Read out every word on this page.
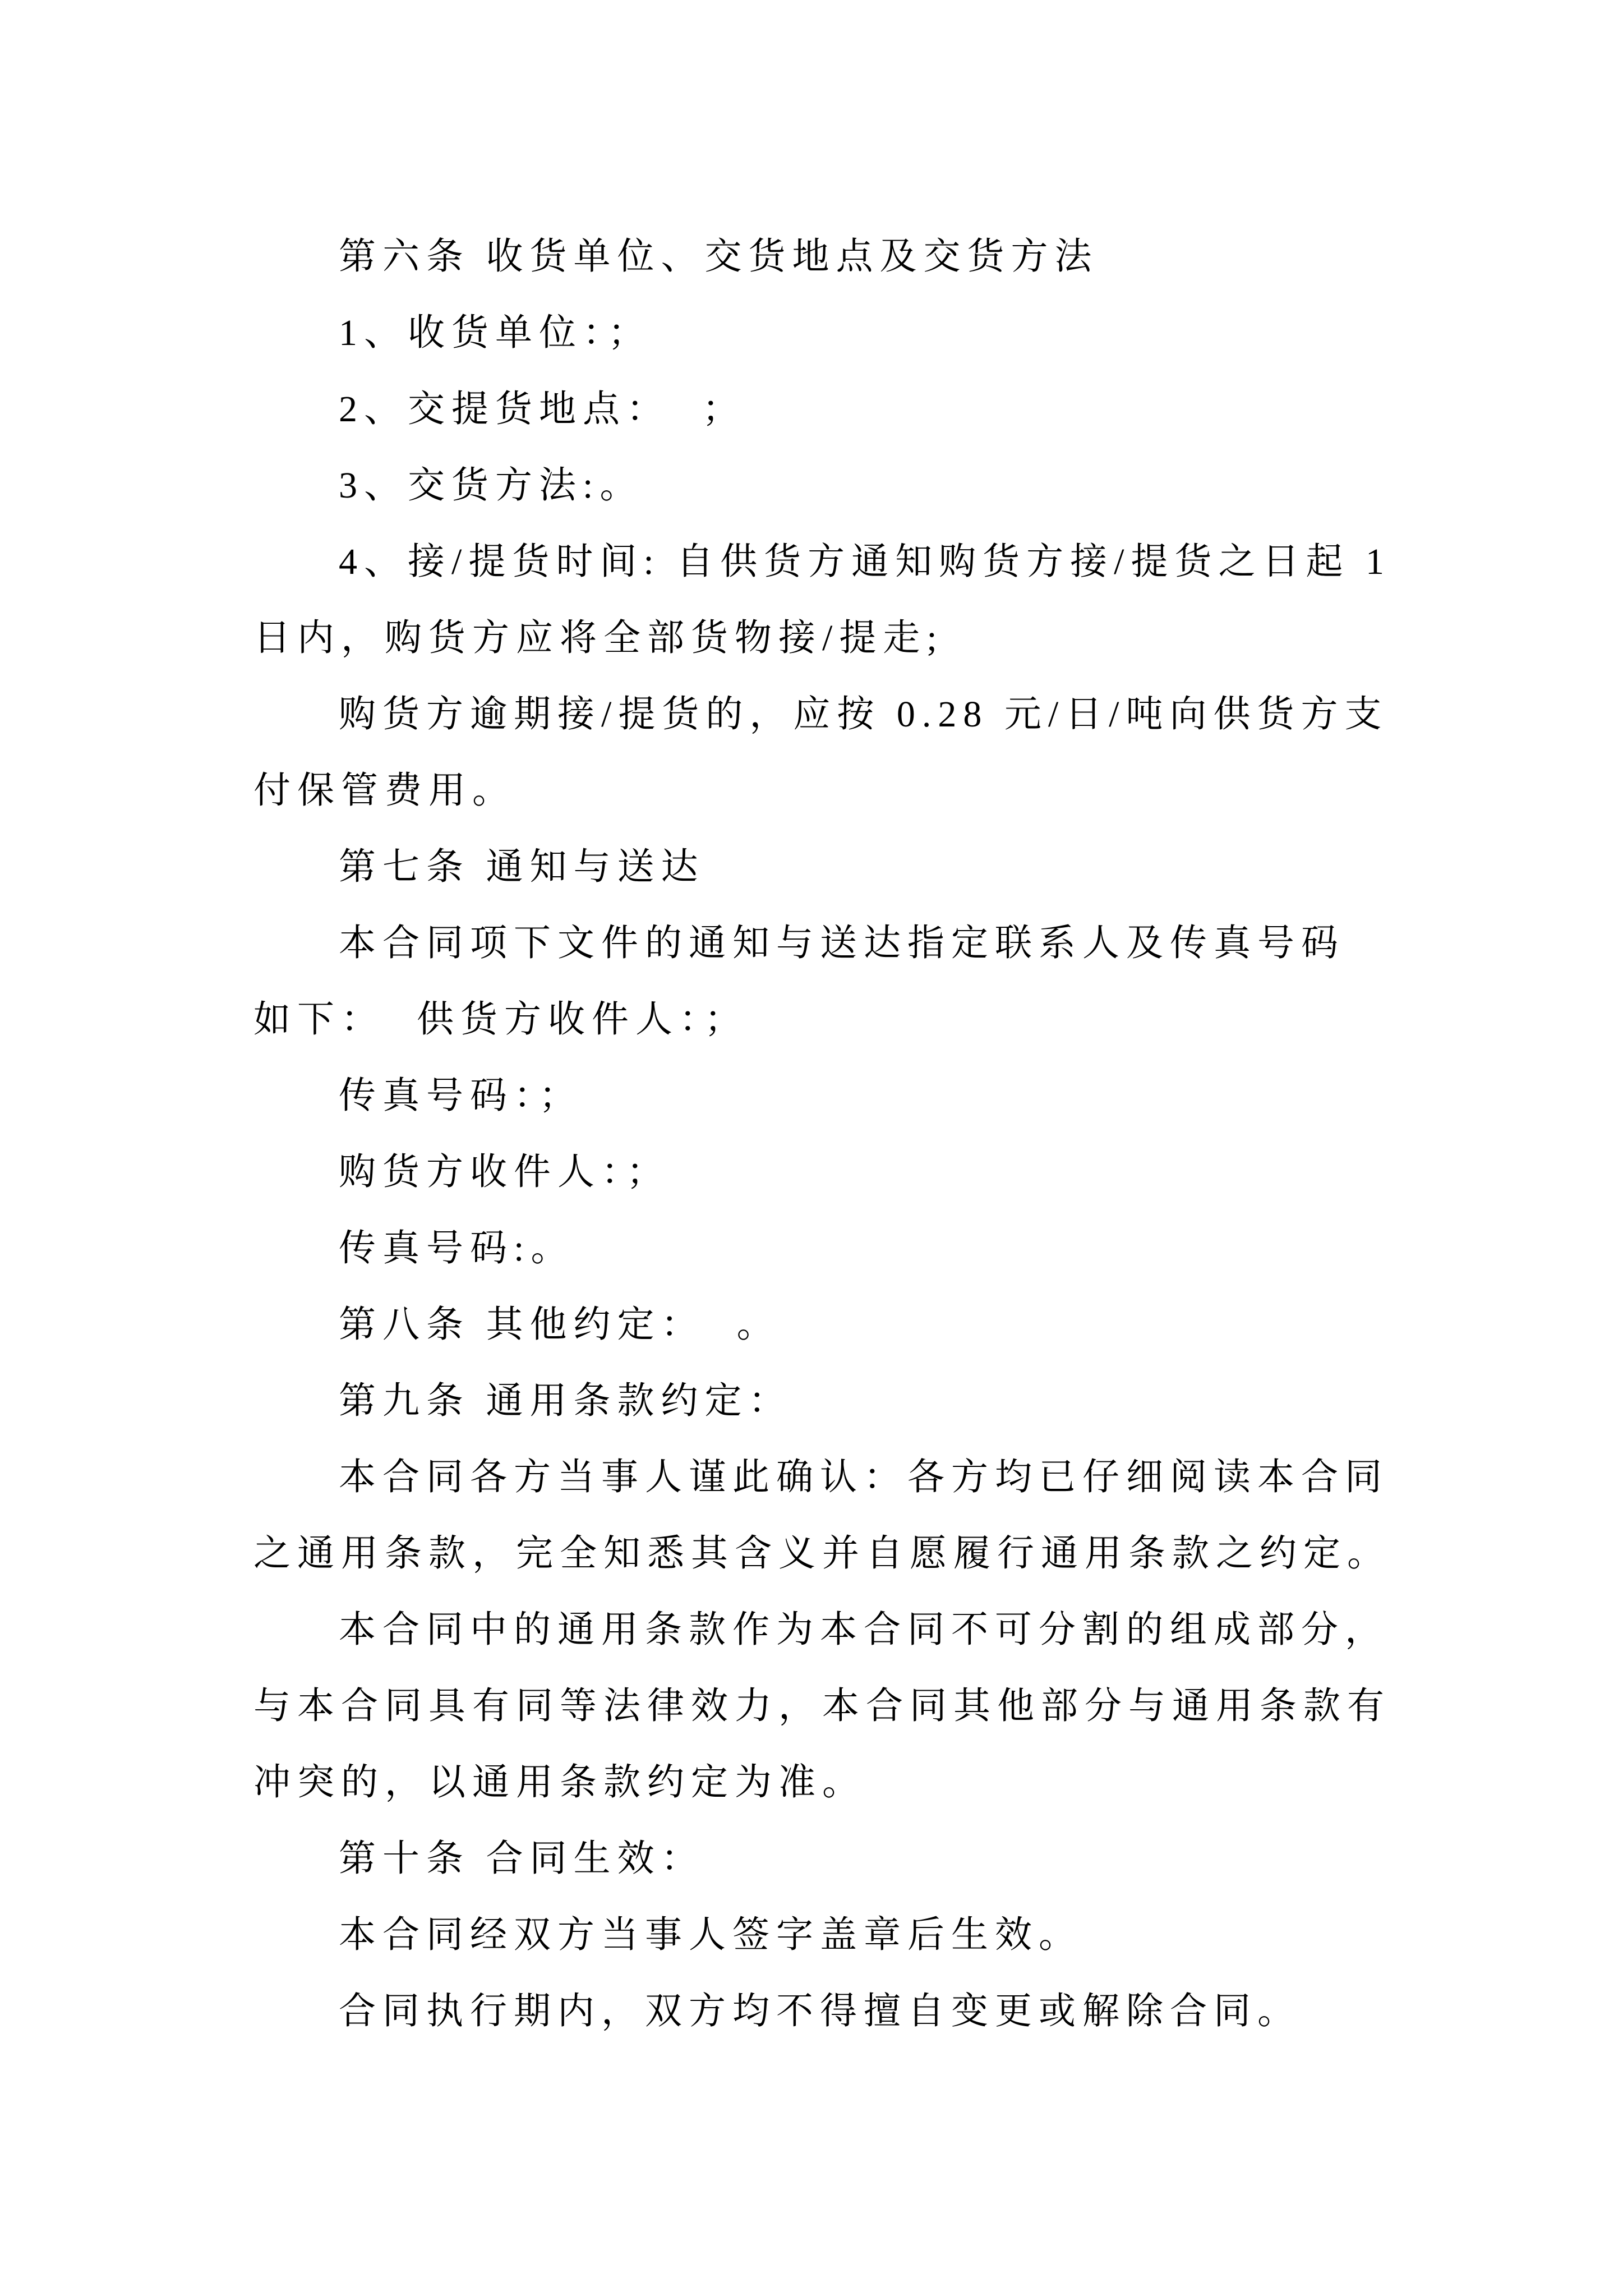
第六条 收货单位、交货地点及交货方法
1、收货单位：；
2、交提货地点：  ；
3、交货方法:。
4、接/提货时间: 自供货方通知购货方接/提货之日起 1
日内，购货方应将全部货物接/提走;
购货方逾期接/提货的，应按 0.28 元/日/吨向供货方支
付保管费用。
第七条 通知与送达
本合同项下文件的通知与送达指定联系人及传真号码
如下：  供货方收件人：；
传真号码：；
购货方收件人：；
传真号码:。
第八条 其他约定：  。
第九条 通用条款约定：
本合同各方当事人谨此确认：各方均已仔细阅读本合同
之通用条款，完全知悉其含义并自愿履行通用条款之约定。
本合同中的通用条款作为本合同不可分割的组成部分，
与本合同具有同等法律效力，本合同其他部分与通用条款有
冲突的，以通用条款约定为准。
第十条 合同生效：
本合同经双方当事人签字盖章后生效。
合同执行期内，双方均不得擅自变更或解除合同。
